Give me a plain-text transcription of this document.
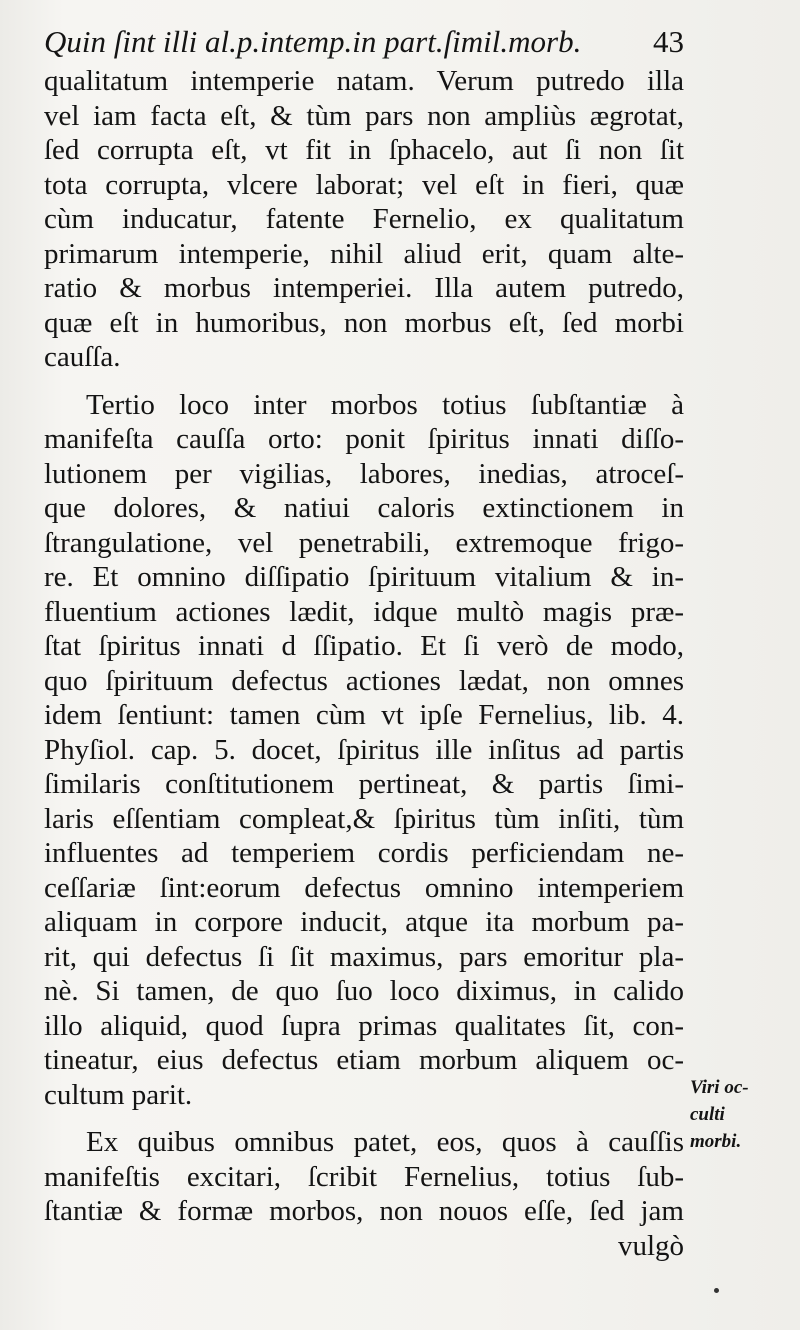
Quin ſint illi al.p.intemp.in part.ſimil.morb. 43
qualitatum intemperie natam. Verum putredo illa
vel iam facta eſt, & tùm pars non ampliùs ægrotat,
ſed corrupta eſt, vt fit in ſphacelo, aut ſi non ſit
tota corrupta, vlcere laborat; vel eſt in fieri, quæ
cùm inducatur, fatente Fernelio, ex qualitatum
primarum intemperie, nihil aliud erit, quam alte-
ratio & morbus intemperiei. Illa autem putredo,
quæ eſt in humoribus, non morbus eſt, ſed morbi
cauſſa.
Tertio loco inter morbos totius ſubſtantiæ à
manifeſta cauſſa orto: ponit ſpiritus innati diſſo-
lutionem per vigilias, labores, inedias, atroceſ-
que dolores, & natiui caloris extinctionem in
ſtrangulatione, vel penetrabili, extremoque frigo-
re. Et omnino diſſipatio ſpirituum vitalium & in-
fluentium actiones lædit, idque multò magis præ-
ſtat ſpiritus innati d ſſipatio. Et ſi verò de modo,
quo ſpirituum defectus actiones lædat, non omnes
idem ſentiunt: tamen cùm vt ipſe Fernelius, lib. 4.
Phyſiol. cap. 5. docet, ſpiritus ille inſitus ad partis
ſimilaris conſtitutionem pertineat, & partis ſimi-
laris eſſentiam compleat,& ſpiritus tùm inſiti, tùm
influentes ad temperiem cordis perficiendam ne-
ceſſariæ ſint:eorum defectus omnino intemperiem
aliquam in corpore inducit, atque ita morbum pa-
rit, qui defectus ſi ſit maximus, pars emoritur pla-
nè. Si tamen, de quo ſuo loco diximus, in calido
illo aliquid, quod ſupra primas qualitates ſit, con-
tineatur, eius defectus etiam morbum aliquem oc-
cultum parit.
Ex quibus omnibus patet, eos, quos à cauſſis
manifeſtis excitari, ſcribit Fernelius, totius ſub-
ſtantiæ & formæ morbos, non nouos eſſe, ſed jam
vulgò
Viri oc-
culti
morbi.
